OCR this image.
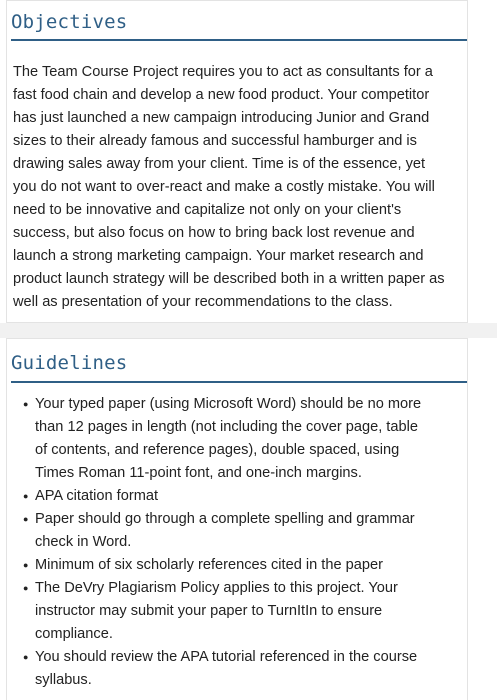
Objectives
The Team Course Project requires you to act as consultants for a
fast food chain and develop a new food product. Your competitor
has just launched a new campaign introducing Junior and Grand
sizes to their already famous and successful hamburger and is
drawing sales away from your client. Time is of the essence, yet
you do not want to over-react and make a costly mistake. You will
need to be innovative and capitalize not only on your client's
success, but also focus on how to bring back lost revenue and
launch a strong marketing campaign. Your market research and
product launch strategy will be described both in a written paper as
well as presentation of your recommendations to the class.
Guidelines
● Your typed paper (using Microsoft Word) should be no more
than 12 pages in length (not including the cover page, table
of contents, and reference pages), double spaced, using
Times Roman 11-point font, and one-inch margins.
● APA citation format
● Paper should go through a complete spelling and grammar
check in Word.
● Minimum of six scholarly references cited in the paper
● The DeVry Plagiarism Policy applies to this project. Your
instructor may submit your paper to TurnItIn to ensure
compliance.
● You should review the APA tutorial referenced in the course
syllabus.
